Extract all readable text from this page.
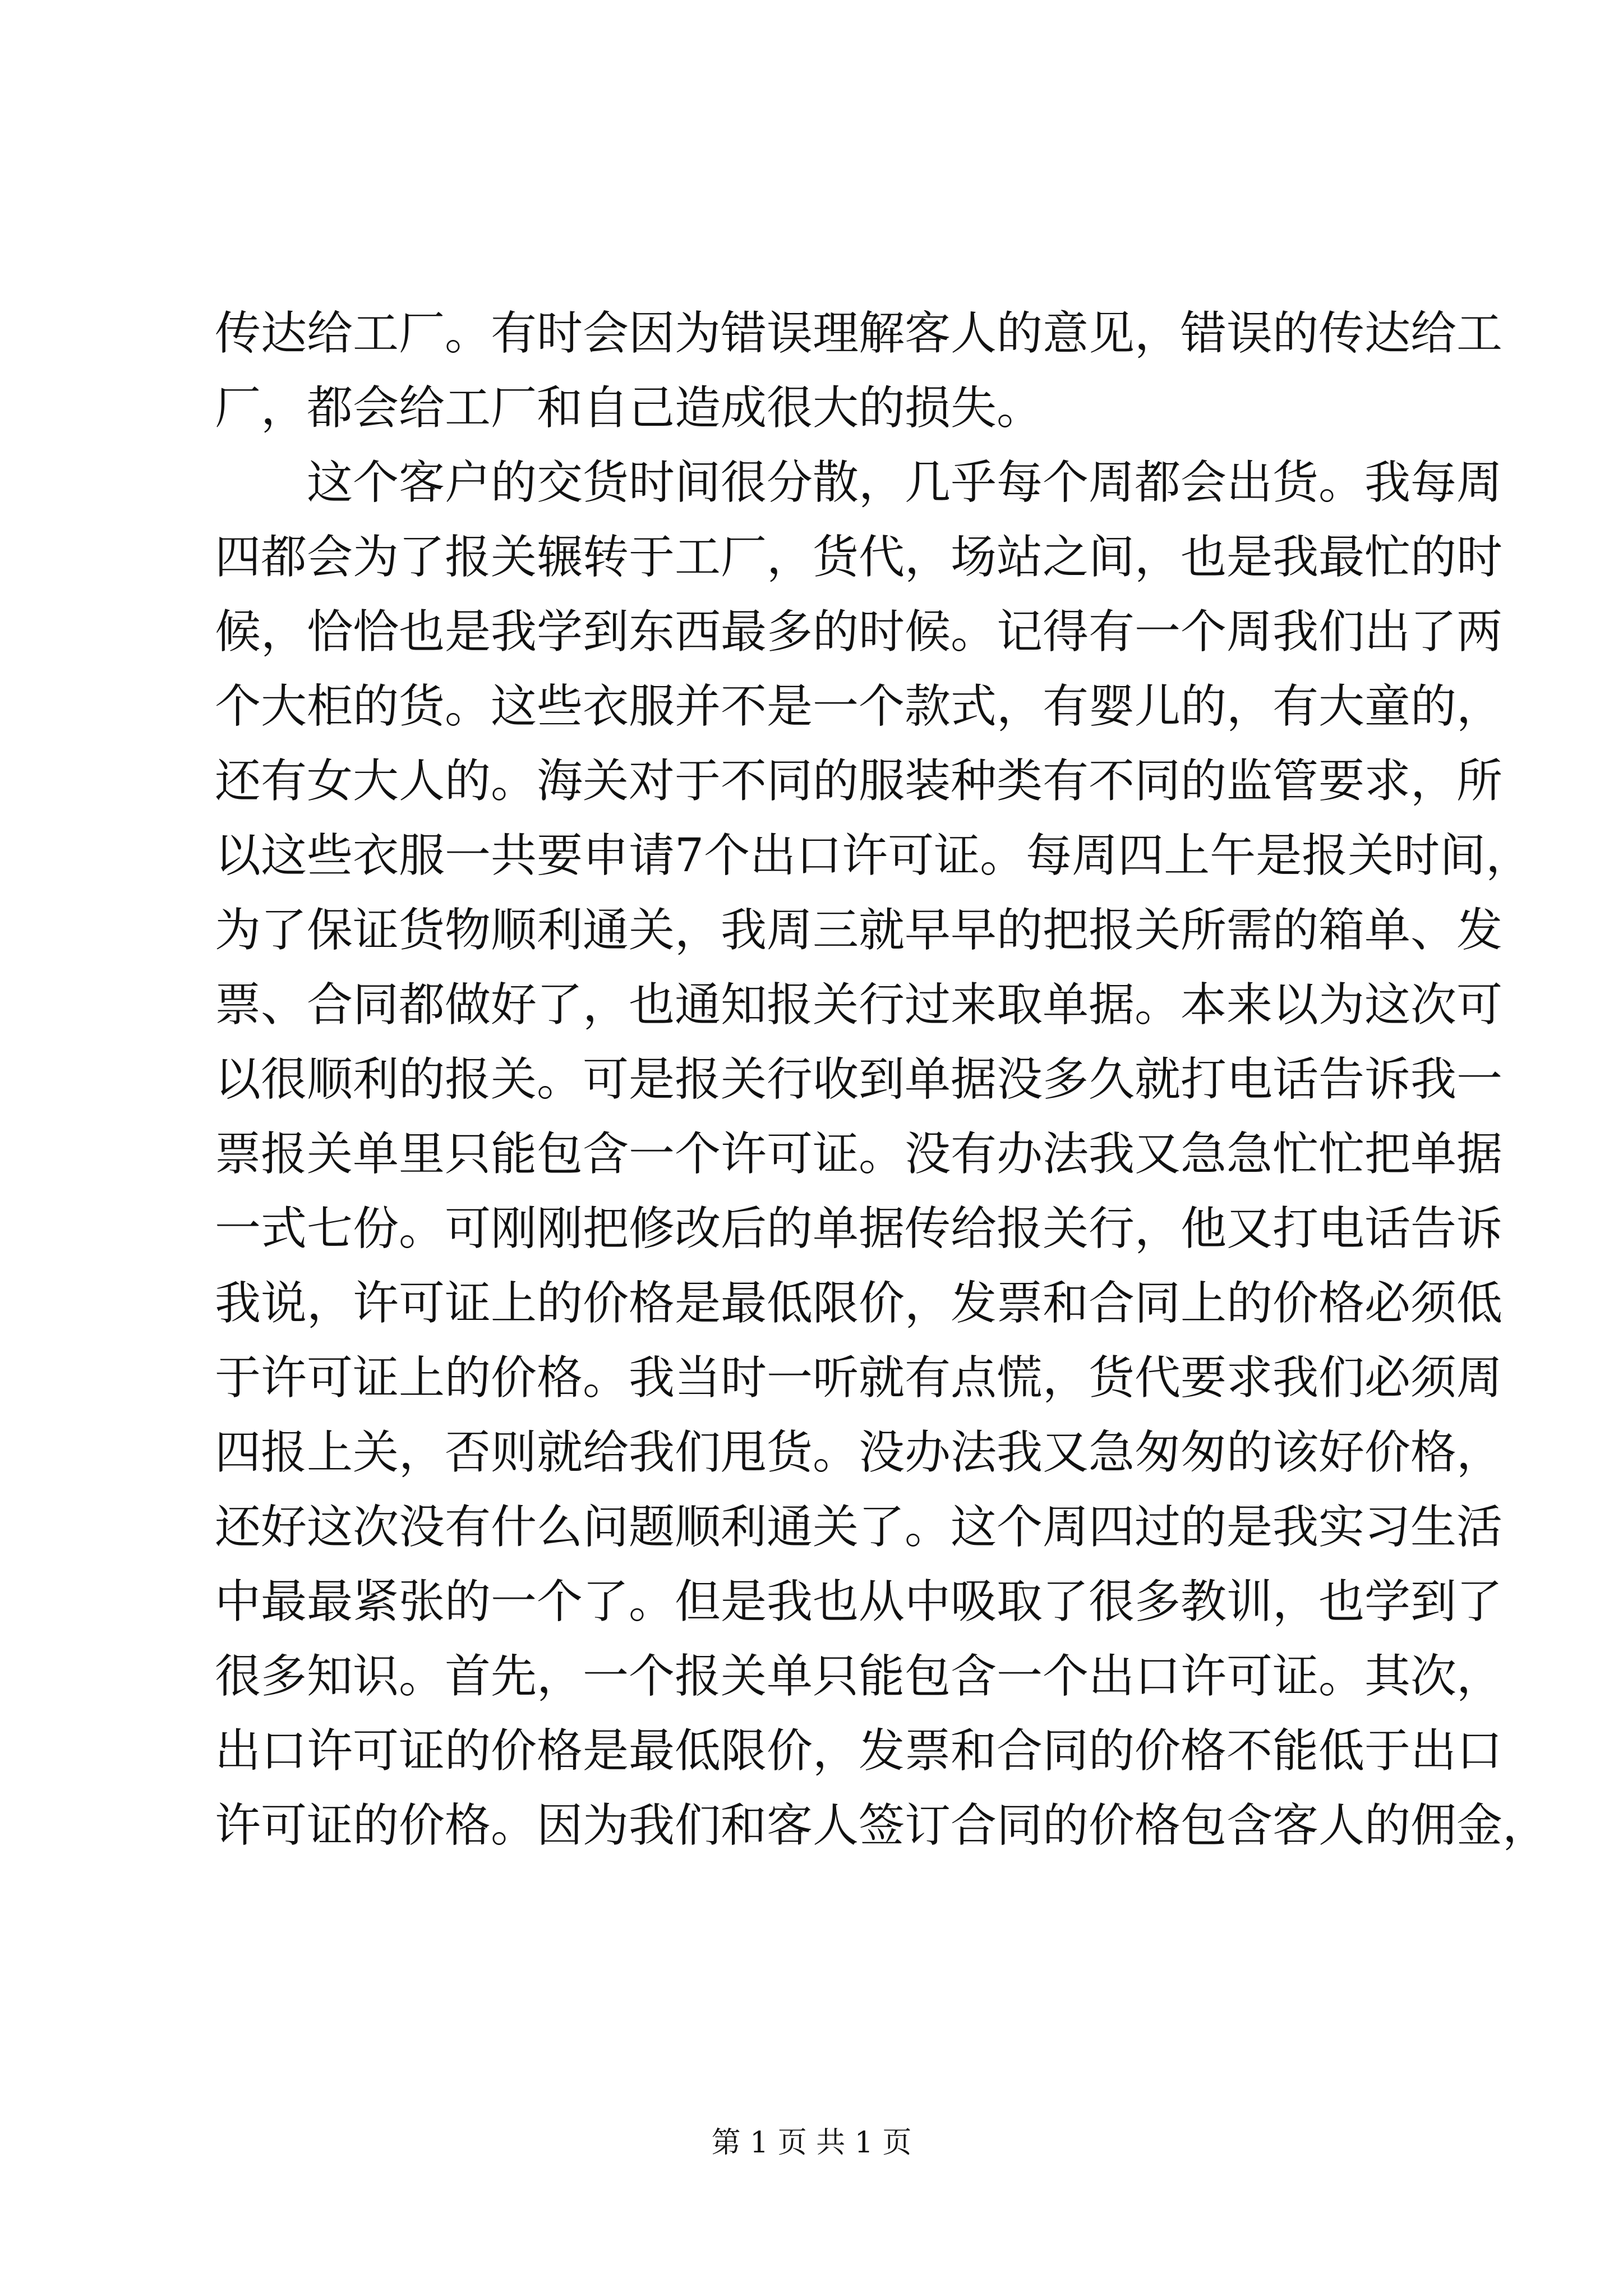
传达给工厂。有时会因为错误理解客人的意见，错误的传达给工
厂，都会给工厂和自己造成很大的损失。
这个客户的交货时间很分散，几乎每个周都会出货。我每周
四都会为了报关辗转于工厂，货代，场站之间，也是我最忙的时
候，恰恰也是我学到东西最多的时候。记得有一个周我们出了两
个大柜的货。这些衣服并不是一个款式，有婴儿的，有大童的，
还有女大人的。海关对于不同的服装种类有不同的监管要求，所
以这些衣服一共要申请7个出口许可证。每周四上午是报关时间，
为了保证货物顺利通关，我周三就早早的把报关所需的箱单、发
票、合同都做好了，也通知报关行过来取单据。本来以为这次可
以很顺利的报关。可是报关行收到单据没多久就打电话告诉我一
票报关单里只能包含一个许可证。没有办法我又急急忙忙把单据
一式七份。可刚刚把修改后的单据传给报关行，他又打电话告诉
我说，许可证上的价格是最低限价，发票和合同上的价格必须低
于许可证上的价格。我当时一听就有点慌，货代要求我们必须周
四报上关，否则就给我们甩货。没办法我又急匆匆的该好价格，
还好这次没有什么问题顺利通关了。这个周四过的是我实习生活
中最最紧张的一个了。但是我也从中吸取了很多教训，也学到了
很多知识。首先，一个报关单只能包含一个出口许可证。其次，
出口许可证的价格是最低限价，发票和合同的价格不能低于出口
许可证的价格。因为我们和客人签订合同的价格包含客人的佣金，
第 1 页 共 1 页
